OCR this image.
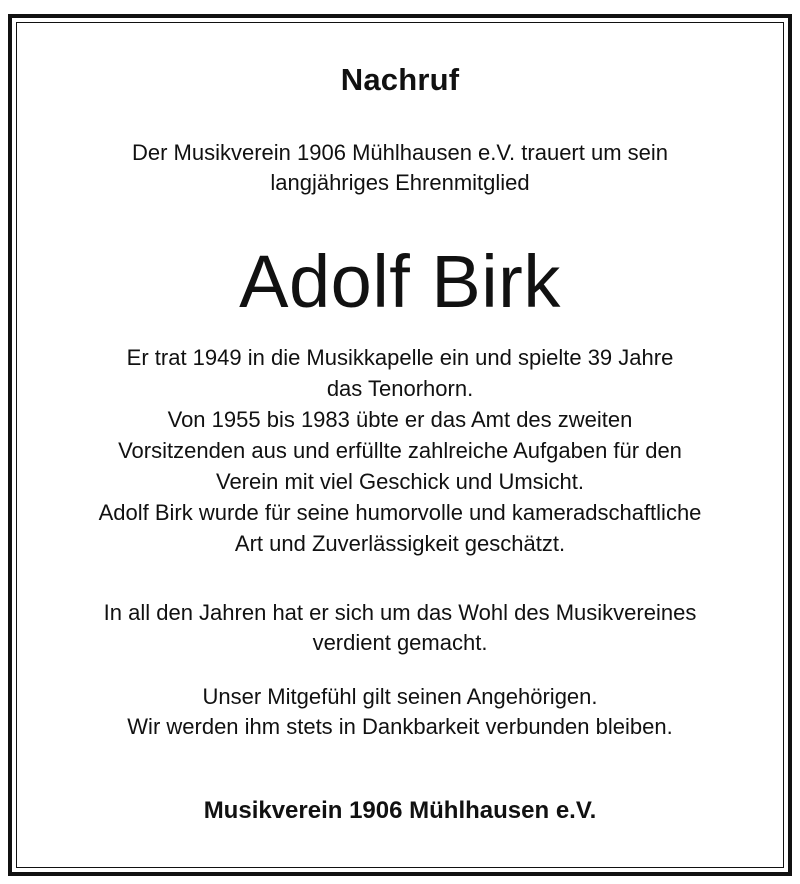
Nachruf
Der Musikverein 1906 Mühlhausen e.V. trauert um sein
langjähriges Ehrenmitglied
Adolf Birk
Er trat 1949 in die Musikkapelle ein und spielte 39 Jahre
das Tenorhorn.
Von 1955 bis 1983 übte er das Amt des zweiten
Vorsitzenden aus und erfüllte zahlreiche Aufgaben für den
Verein mit viel Geschick und Umsicht.
Adolf Birk wurde für seine humorvolle und kameradschaftliche
Art und Zuverlässigkeit geschätzt.
In all den Jahren hat er sich um das Wohl des Musikvereines
verdient gemacht.
Unser Mitgefühl gilt seinen Angehörigen.
Wir werden ihm stets in Dankbarkeit verbunden bleiben.
Musikverein 1906 Mühlhausen e.V.
